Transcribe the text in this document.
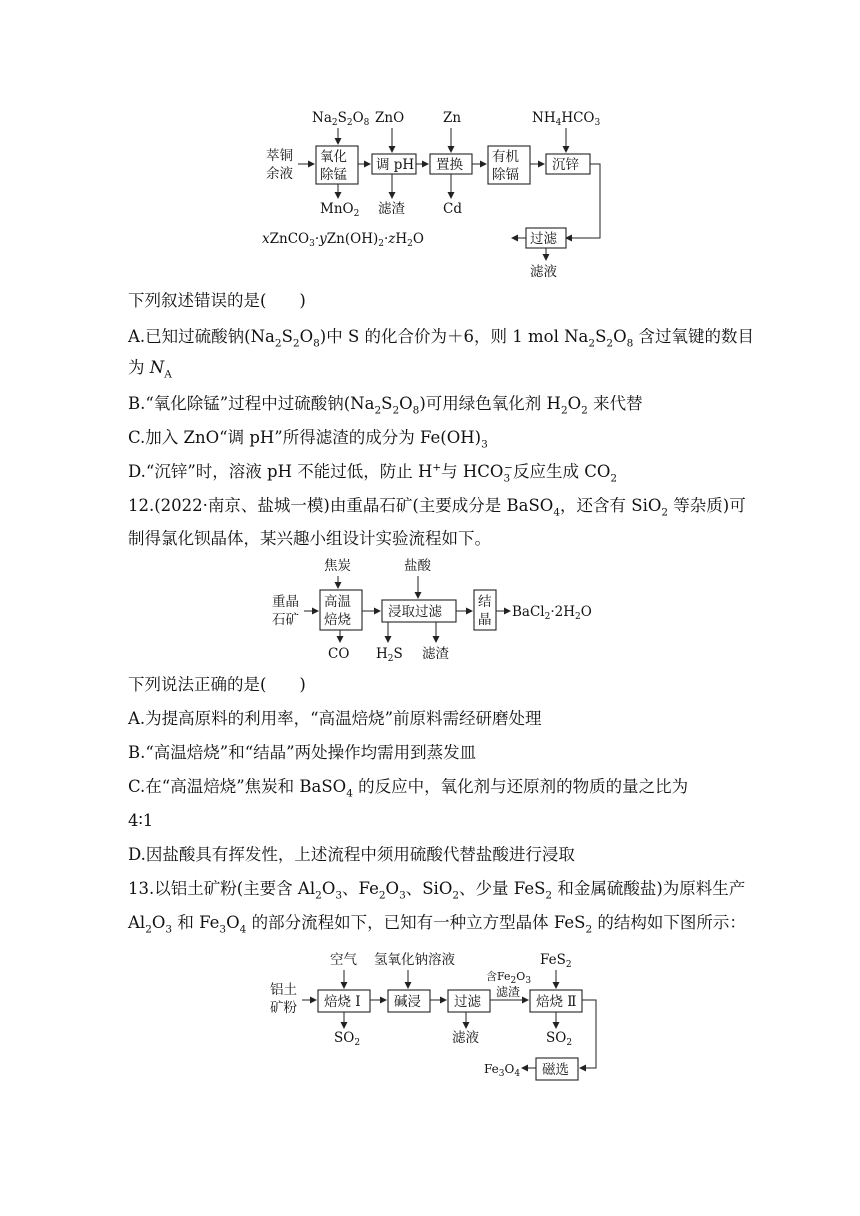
$Na_2S_2O_8$ ZnO	Zn	$NH_4HCO_3$
萃铜
余液
氧化
除锰
调 pH 置换 有机
除镉
沉锌
MnO$_2$ 滤渣	Cd
过滤
$xZnCO_3\cdot yZn(OH)_2\cdot zH_2O$
滤液
下列叙述错误的是(　　)
A.已知过硫酸钠$(Na_2S_2O_8)$中 S 的化合价为＋6，则 1 mol $Na_2S_2O_8$ 含过氧键的数目
为 $N_A$
B.“氧化除锰”过程中过硫酸钠$(Na_2S_2O_8)$可用绿色氧化剂 $H_2O_2$ 来代替
C.加入 ZnO“调 pH”所得滤渣的成分为 $Fe(OH)_3$
D.“沉锌”时，溶液 pH 不能过低，防止 H+与 $HCO_3^-$反应生成 $CO_2$
12.(2022·南京、盐城一模)由重晶石矿(主要成分是 BaSO$_4$，还含有 SiO$_2$ 等杂质)可
制得氯化钡晶体，某兴趣小组设计实验流程如下。
焦炭	盐酸
重晶
石矿
高温
焙烧	浸取过滤
结
晶 $BaCl_2\cdot 2H_2O$
CO $H_2S$ 滤渣
下列说法正确的是(　　)
A.为提高原料的利用率，“高温焙烧”前原料需经研磨处理
B.“高温焙烧”和“结晶”两处操作均需用到蒸发皿
C.在“高温焙烧”焦炭和 BaSO$_4$ 的反应中，氧化剂与还原剂的物质的量之比为
4∶1
D.因盐酸具有挥发性，上述流程中须用硫酸代替盐酸进行浸取
13.以铝土矿粉(主要含 $Al_2O_3$、$Fe_2O_3$、SiO$_2$、少量 FeS$_2$ 和金属硫酸盐)为原料生产
$Al_2O_3$ 和 $Fe_3O_4$ 的部分流程如下，已知有一种立方型晶体 FeS$_2$ 的结构如下图所示：
空气 氢氧化钠溶液	FeS$_2$
铝土
矿粉 焙烧 Ⅰ 碱浸 过滤
含$Fe_2O_3$
滤渣
焙烧 Ⅱ
$SO_2$	滤液	$SO_2$
磁选
$Fe_3O_4$
